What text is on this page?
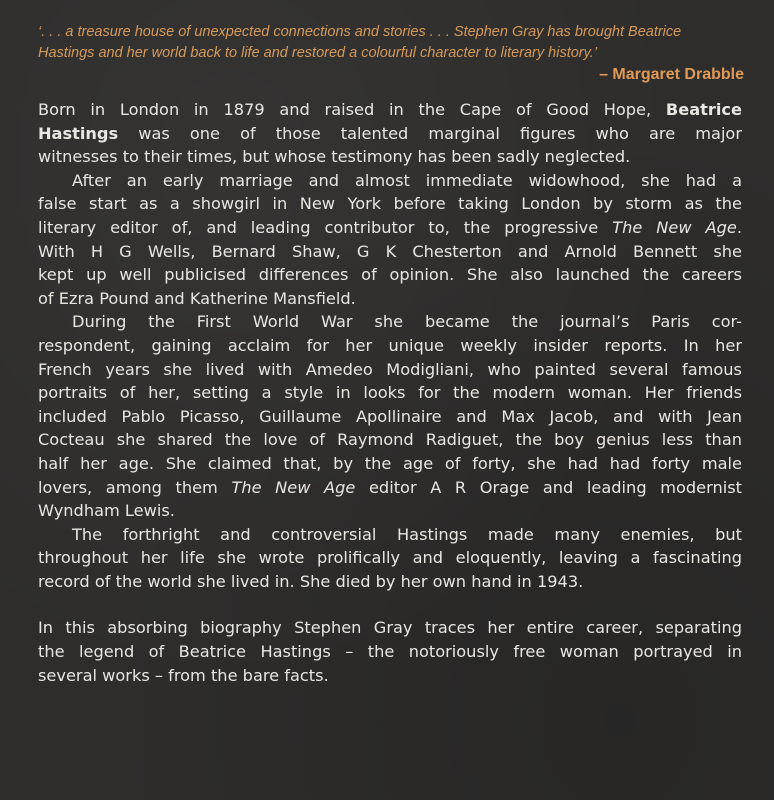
‘. . . a treasure house of unexpected connections and stories . . . Stephen Gray has brought Beatrice
Hastings and her world back to life and restored a colourful character to literary history.’
– Margaret Drabble

Born in London in 1879 and raised in the Cape of Good Hope, Beatrice
Hastings was one of those talented marginal figures who are major
witnesses to their times, but whose testimony has been sadly neglected.

After an early marriage and almost immediate widowhood, she had a
false start as a showgirl in New York before taking London by storm as the
literary editor of, and leading contributor to, the progressive The New Age.
With H G Wells, Bernard Shaw, G K Chesterton and Arnold Bennett she
kept up well publicised differences of opinion. She also launched the careers
of Ezra Pound and Katherine Mansfield.

During the First World War she became the journal’s Paris cor-
respondent, gaining acclaim for her unique weekly insider reports. In her
French years she lived with Amedeo Modigliani, who painted several famous
portraits of her, setting a style in looks for the modern woman. Her friends
included Pablo Picasso, Guillaume Apollinaire and Max Jacob, and with Jean
Cocteau she shared the love of Raymond Radiguet, the boy genius less than
half her age. She claimed that, by the age of forty, she had had forty male
lovers, among them The New Age editor A R Orage and leading modernist
Wyndham Lewis.

The forthright and controversial Hastings made many enemies, but
throughout her life she wrote prolifically and eloquently, leaving a fascinating
record of the world she lived in. She died by her own hand in 1943.

In this absorbing biography Stephen Gray traces her entire career, separating
the legend of Beatrice Hastings – the notoriously free woman portrayed in
several works – from the bare facts.
